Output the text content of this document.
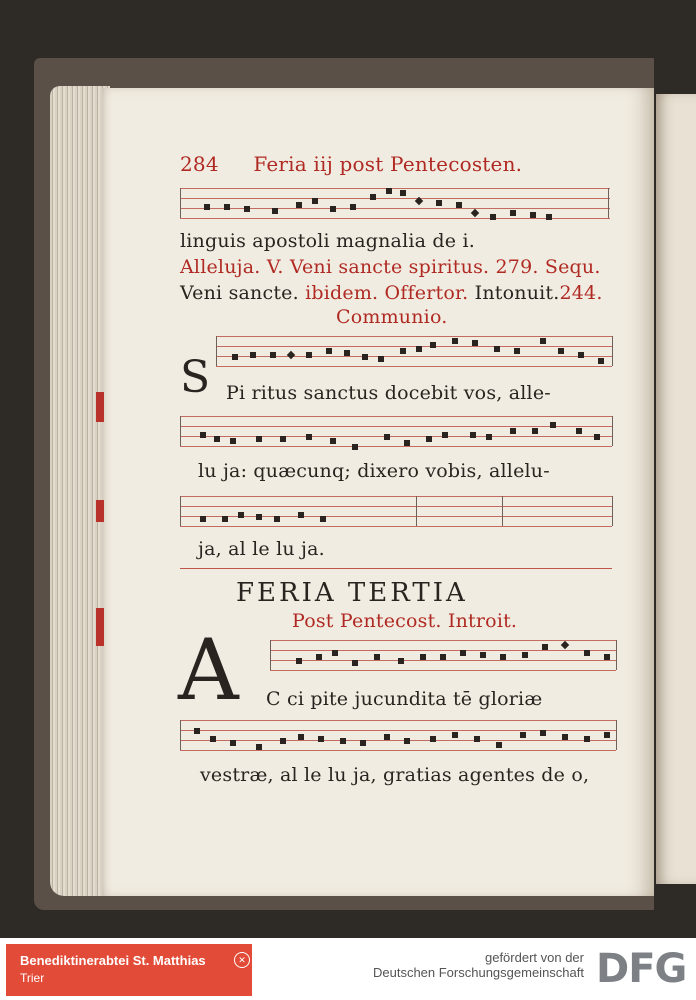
284 Feria iij post Pentecosten.
linguis apostoli magnalia de i.
Alleluja. V. Veni sancte spiritus. 279. Sequ.
Veni sancte. ibidem. Offertor. Intonuit.244.
Communio.
S Pi ritus sanctus docebit vos, alle-
lu ja: quæcunq; dixero vobis, allelu-
ja, al le lu ja.
FERIA TERTIA
Post Pentecost. Introit.
A C ci pite jucundita tē gloriæ
vestræ, al le lu ja, gratias agentes de o,
Benediktinerabtei St. Matthias
Trier
✕	gefördert von der
Deutschen Forschungsgemeinschaft DFG
